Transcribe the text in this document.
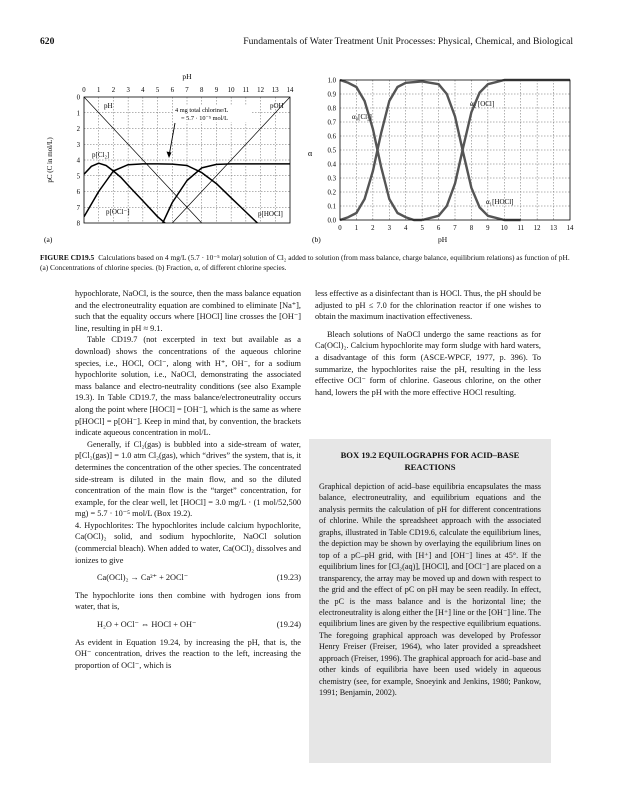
620	Fundamentals of Water Treatment Unit Processes: Physical, Chemical, and Biological
0 1 2 3 4 5 6 7 8 9 10 11 12 13 14
0
1
2
3
4
5
6
7
8
pH
pC (C in mol/L)
(a)
pH	pOH
p[Cl₂]
p[OCl⁻]	p[HOCl]
4 mg total chlorine/L
= 5.7 · 10⁻⁵ mol/L
0 1 2 3 4 5 6 7 8 9 10 11 12 13 14
0.0
0.1
0.2
0.3
0.4
0.5
0.6
0.7
0.8
0.9
1.0
α
pH
(b)
α₀[Cl₂]
α₁[HOCl]
α₂ [OCl]
FIGURE CD19.5 Calculations based on 4 mg/L (5.7 · 10⁻⁵ molar) solution of Cl₂ added to solution (from mass balance, charge balance, equilibrium relations) as function of pH. (a) Concentrations of chlorine species. (b) Fraction, α, of different chlorine species.

hypochlorate, NaOCl, is the source, then the mass balance equation and the electroneutrality equation are combined to eliminate [Na⁺], such that the equality occurs where [HOCl] line crosses the [OH⁻] line, resulting in pH ≈ 9.1.

Table CD19.7 (not excerpted in text but available as a download) shows the concentrations of the aqueous chlorine species, i.e., HOCl, OCl⁻, along with H⁺, OH⁻, for a sodium hypochlorite solution, i.e., NaOCl, demonstrating the associated mass balance and electro-neutrality conditions (see also Example 19.3). In Table CD19.7, the mass balance/electroneutrality occurs along the point where [HOCl] = [OH⁻], which is the same as where p[HOCl] = p[OH⁻]. Keep in mind that, by convention, the brackets indicate aqueous concentration in mol/L.

Generally, if Cl₂(gas) is bubbled into a side-stream of water, p[Cl₂(gas)] = 1.0 atm Cl₂(gas), which “drives” the system, that is, it determines the concentration of the other species. The concentrated side-stream is diluted in the main flow, and so the diluted concentration of the main flow is the “target” concentration, for example, for the clear well, let [HOCl] = 3.0 mg/L · (1 mol/52,500 mg) = 5.7 · 10⁻⁵ mol/L (Box 19.2).

4. Hypochlorites: The hypochlorites include calcium hypochlorite, Ca(OCl)₂ solid, and sodium hypochlorite, NaOCl solution (commercial bleach). When added to water, Ca(OCl)₂ dissolves and ionizes to give

Ca(OCl)₂ → Ca²⁺ + 2OCl⁻	(19.23)

The hypochlorite ions then combine with hydrogen ions from water, that is,

H₂O + OCl⁻ ⇔ HOCl + OH⁻	(19.24)

As evident in Equation 19.24, by increasing the pH, that is, the OH⁻ concentration, drives the reaction to the left, increasing the proportion of OCl⁻, which is

less effective as a disinfectant than is HOCl. Thus, the pH should be adjusted to pH ≤ 7.0 for the chlorination reactor if one wishes to obtain the maximum inactivation effectiveness.

Bleach solutions of NaOCl undergo the same reactions as for Ca(OCl)₂. Calcium hypochlorite may form sludge with hard waters, a disadvantage of this form (ASCE-WPCF, 1977, p. 396). To summarize, the hypochlorites raise the pH, resulting in the less effective OCl⁻ form of chlorine. Gaseous chlorine, on the other hand, lowers the pH with the more effective HOCl resulting.

BOX 19.2 EQUILOGRAPHS FOR ACID–BASE REACTIONS
Graphical depiction of acid–base equilibria encapsulates the mass balance, electroneutrality, and equilibrium equations and the analysis permits the calculation of pH for different concentrations of chlorine. While the spreadsheet approach with the associated graphs, illustrated in Table CD19.6, calculate the equilibrium lines, the depiction may be shown by overlaying the equilibrium lines on top of a pC–pH grid, with [H⁺] and [OH⁻] lines at 45°. If the equilibrium lines for [Cl₂(aq)], [HOCl], and [OCl⁻] are placed on a transparency, the array may be moved up and down with respect to the grid and the effect of pC on pH may be seen readily. In effect, the pC is the mass balance and is the horizontal line; the electroneutrality is along either the [H⁺] line or the [OH⁻] line. The equilibrium lines are given by the respective equilibrium equations. The foregoing graphical approach was developed by Professor Henry Freiser (Freiser, 1964), who later provided a spreadsheet approach (Freiser, 1996). The graphical approach for acid–base and other kinds of equilibria have been used widely in aqueous chemistry (see, for example, Snoeyink and Jenkins, 1980; Pankow, 1991; Benjamin, 2002).
